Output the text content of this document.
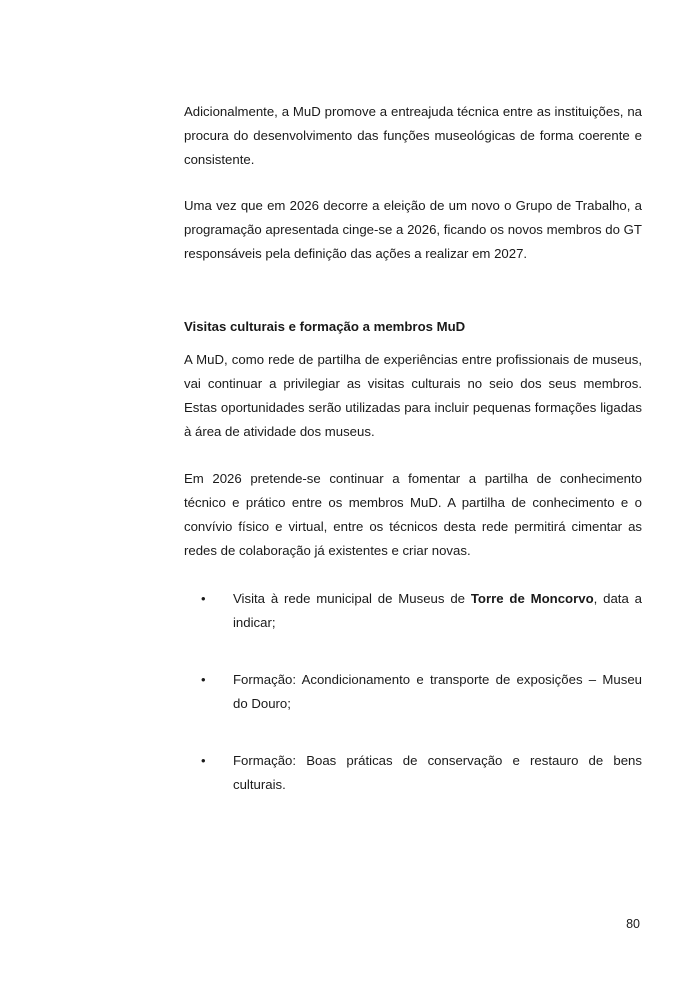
Adicionalmente, a MuD promove a entreajuda técnica entre as instituições, na procura do desenvolvimento das funções museológicas de forma coerente e consistente.

Uma vez que em 2026 decorre a eleição de um novo o Grupo de Trabalho, a programação apresentada cinge-se a 2026, ficando os novos membros do GT responsáveis pela definição das ações a realizar em 2027.

Visitas culturais e formação a membros MuD

A MuD, como rede de partilha de experiências entre profissionais de museus, vai continuar a privilegiar as visitas culturais no seio dos seus membros. Estas oportunidades serão utilizadas para incluir pequenas formações ligadas à área de atividade dos museus.

Em 2026 pretende-se continuar a fomentar a partilha de conhecimento técnico e prático entre os membros MuD. A partilha de conhecimento e o convívio físico e virtual, entre os técnicos desta rede permitirá cimentar as redes de colaboração já existentes e criar novas.

• Visita à rede municipal de Museus de Torre de Moncorvo, data a indicar;

• Formação: Acondicionamento e transporte de exposições – Museu do Douro;

• Formação: Boas práticas de conservação e restauro de bens culturais.

80
